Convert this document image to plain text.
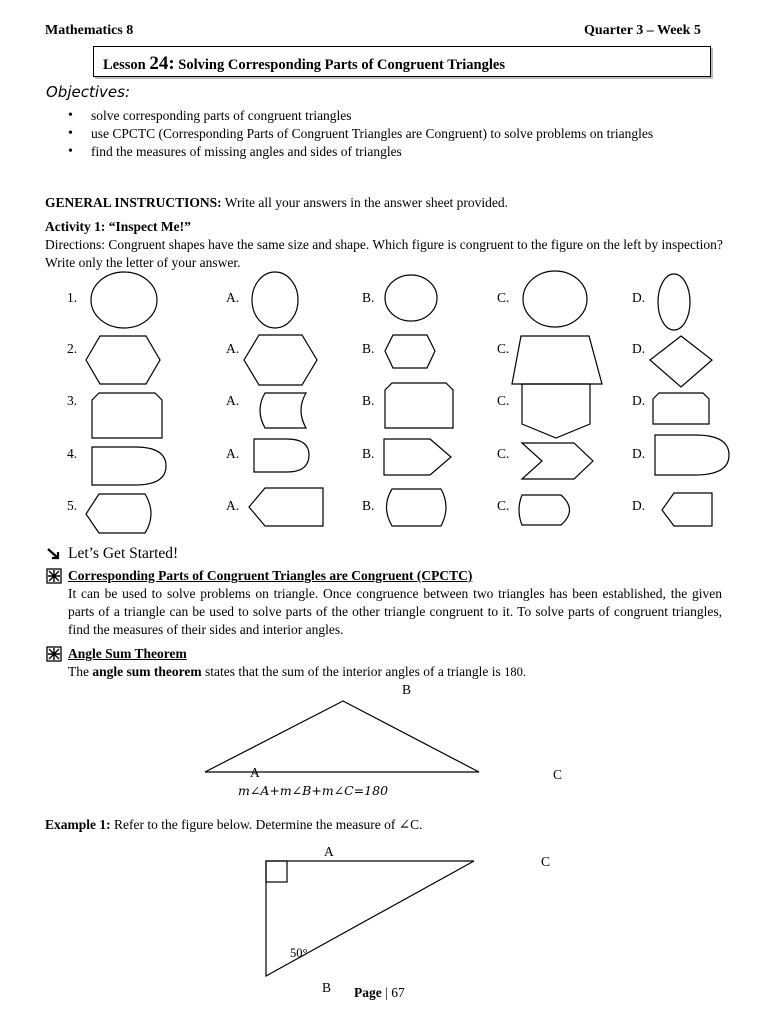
Mathematics 8	Quarter 3 – Week 5
Lesson 24: Solving Corresponding Parts of Congruent Triangles
Objectives:
• solve corresponding parts of congruent triangles
• use CPCTC (Corresponding Parts of Congruent Triangles are Congruent) to solve problems on triangles
• find the measures of missing angles and sides of triangles
GENERAL INSTRUCTIONS: Write all your answers in the answer sheet provided.
Activity 1: “Inspect Me!”
Directions: Congruent shapes have the same size and shape. Which figure is congruent to the figure on the left by inspection? Write only the letter of your answer.
1.	A.	B.	C.	D.
2.	A.	B.	C.	D.
3.	A.	B.	C.	D.
4.	A.	B.	C.	D.
5.	A.	B.	C.	D.
Let’s Get Started!
Corresponding Parts of Congruent Triangles are Congruent (CPCTC)
It can be used to solve problems on triangle. Once congruence between two triangles has been established, the given parts of a triangle can be used to solve parts of the other triangle congruent to it. To solve parts of congruent triangles, find the measures of their sides and interior angles.
Angle Sum Theorem
The angle sum theorem states that the sum of the interior angles of a triangle is 180.
B
A	C
m∠A+m∠B+m∠C=180
Example 1: Refer to the figure below. Determine the measure of ∠C.
A
C
B
50°
Page | 67
